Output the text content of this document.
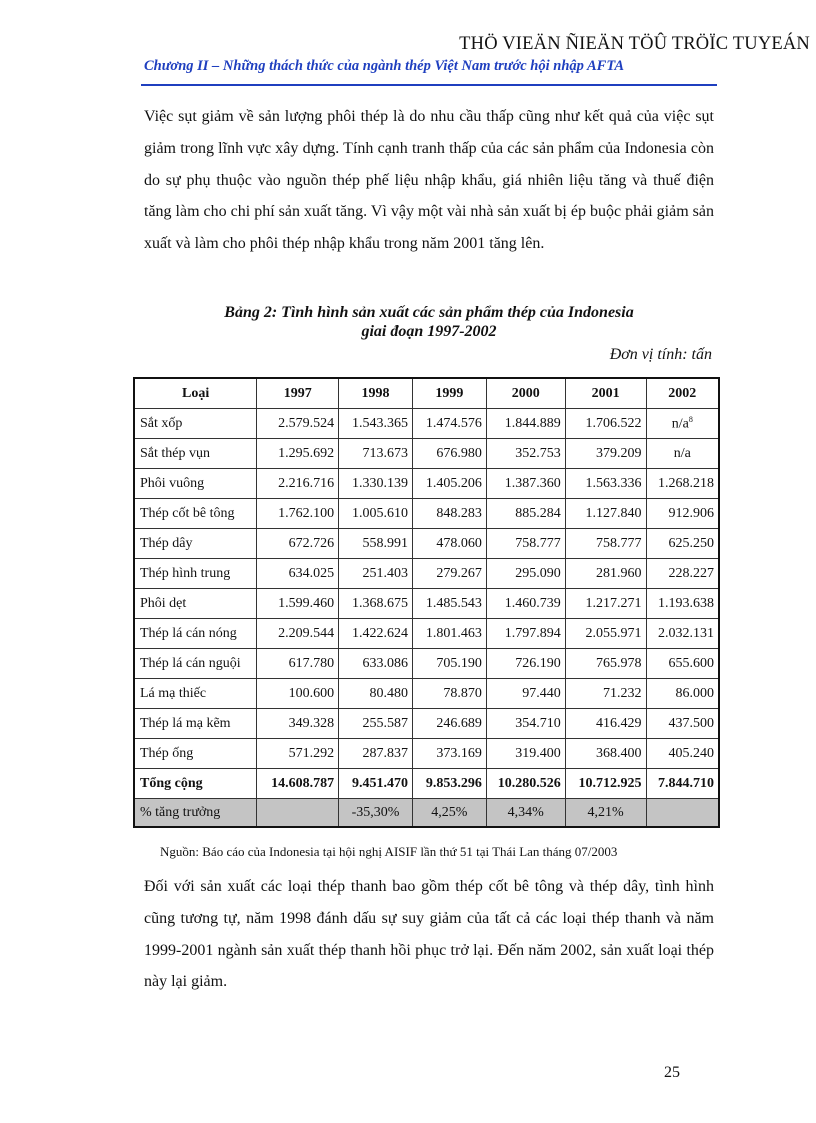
THÖ VIEÄN ÑIEÄN TÖÛ TRÖÏC TUYEÁN
Chương II – Những thách thức của ngành thép Việt Nam trước hội nhập AFTA

Việc sụt giảm về sản lượng phôi thép là do nhu cầu thấp cũng như kết quả của việc sụt giảm trong lĩnh vực xây dựng. Tính cạnh tranh thấp của các sản phẩm của Indonesia còn do sự phụ thuộc vào nguồn thép phế liệu nhập khẩu, giá nhiên liệu tăng và thuế điện tăng làm cho chi phí sản xuất tăng. Vì vậy một vài nhà sản xuất bị ép buộc phải giảm sản xuất và làm cho phôi thép nhập khẩu trong năm 2001 tăng lên.

Bảng 2: Tình hình sản xuất các sản phẩm thép của Indonesia
giai đoạn 1997-2002
Đơn vị tính: tấn
Loại	1997	1998	1999	2000	2001	2002
Sắt xốp	2.579.524	1.543.365	1.474.576	1.844.889	1.706.522	$n/a^8$
Sắt thép vụn	1.295.692	713.673	676.980	352.753	379.209	n/a
Phôi vuông	2.216.716	1.330.139	1.405.206	1.387.360	1.563.336	1.268.218
Thép cốt bê tông	1.762.100	1.005.610	848.283	885.284	1.127.840	912.906
Thép dây	672.726	558.991	478.060	758.777	758.777	625.250
Thép hình trung	634.025	251.403	279.267	295.090	281.960	228.227
Phôi dẹt	1.599.460	1.368.675	1.485.543	1.460.739	1.217.271	1.193.638
Thép lá cán nóng	2.209.544	1.422.624	1.801.463	1.797.894	2.055.971	2.032.131
Thép lá cán nguội	617.780	633.086	705.190	726.190	765.978	655.600
Lá mạ thiếc	100.600	80.480	78.870	97.440	71.232	86.000
Thép lá mạ kẽm	349.328	255.587	246.689	354.710	416.429	437.500
Thép ống	571.292	287.837	373.169	319.400	368.400	405.240
Tổng cộng	14.608.787	9.451.470	9.853.296	10.280.526	10.712.925	7.844.710
% tăng trưởng		-35,30%	4,25%	4,34%	4,21%	
Nguồn: Báo cáo của Indonesia tại hội nghị AISIF lần thứ 51 tại Thái Lan tháng 07/2003

Đối với sản xuất các loại thép thanh bao gồm thép cốt bê tông và thép dây, tình hình cũng tương tự, năm 1998 đánh dấu sự suy giảm của tất cả các loại thép thanh và năm 1999-2001 ngành sản xuất thép thanh hồi phục trở lại. Đến năm 2002, sản xuất loại thép này lại giảm.

25
